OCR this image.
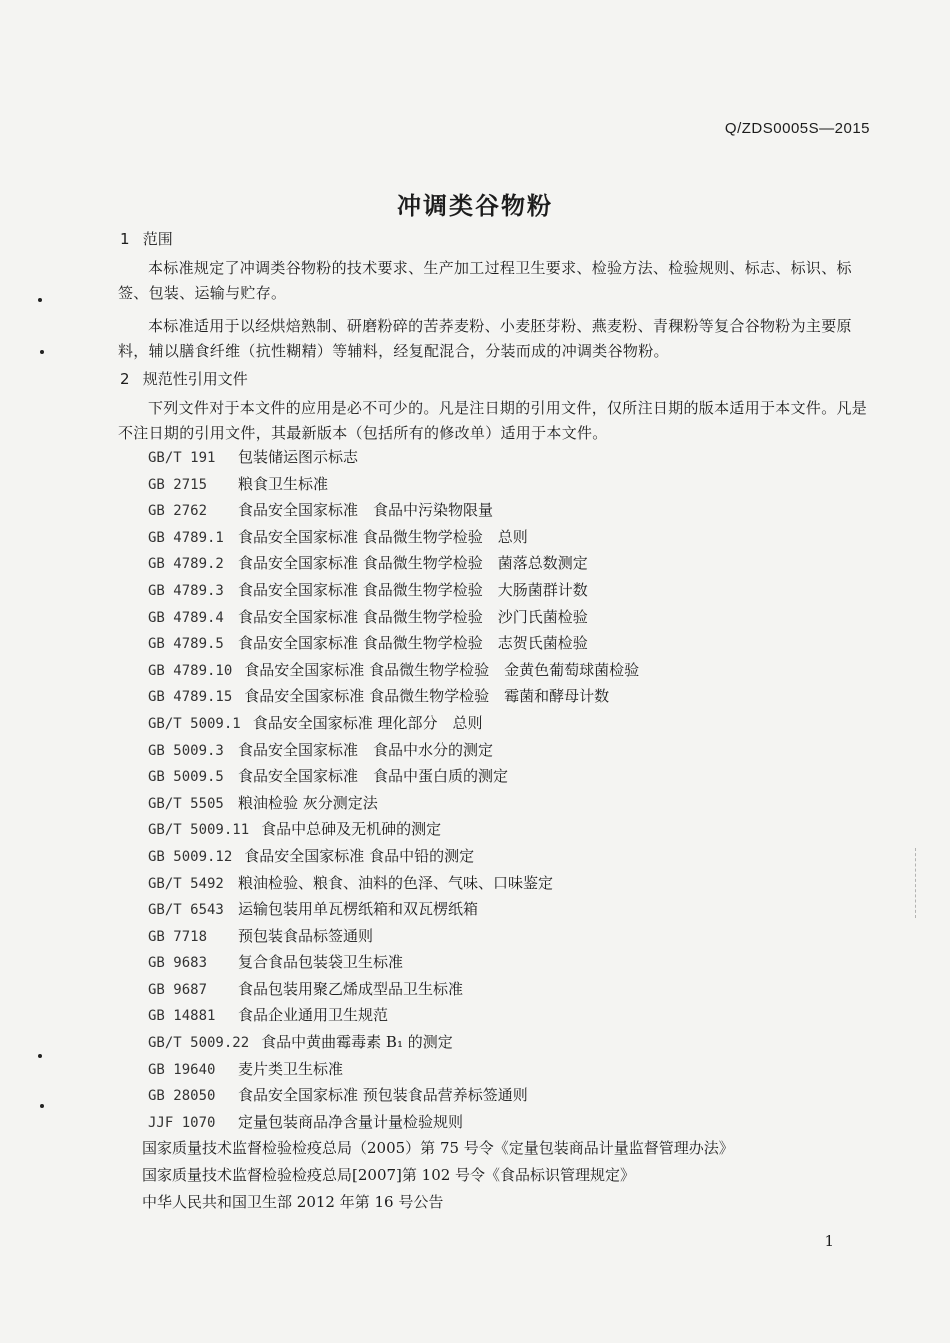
Q/ZDS0005S—2015
冲调类谷物粉
1 范围

本标准规定了冲调类谷物粉的技术要求、生产加工过程卫生要求、检验方法、检验规则、标志、标识、标签、包装、运输与贮存。

本标准适用于以经烘焙熟制、研磨粉碎的苦荞麦粉、小麦胚芽粉、燕麦粉、青稞粉等复合谷物粉为主要原料，辅以膳食纤维（抗性糊精）等辅料，经复配混合，分装而成的冲调类谷物粉。

2 规范性引用文件

下列文件对于本文件的应用是必不可少的。凡是注日期的引用文件，仅所注日期的版本适用于本文件。凡是不注日期的引用文件，其最新版本（包括所有的修改单）适用于本文件。

GB/T 191 包装储运图示标志
GB 2715 粮食卫生标准
GB 2762 食品安全国家标准　食品中污染物限量
GB 4789.1 食品安全国家标准 食品微生物学检验　总则
GB 4789.2 食品安全国家标准 食品微生物学检验　菌落总数测定
GB 4789.3 食品安全国家标准 食品微生物学检验　大肠菌群计数
GB 4789.4 食品安全国家标准 食品微生物学检验　沙门氏菌检验
GB 4789.5 食品安全国家标准 食品微生物学检验　志贺氏菌检验
GB 4789.10 食品安全国家标准 食品微生物学检验　金黄色葡萄球菌检验
GB 4789.15 食品安全国家标准 食品微生物学检验　霉菌和酵母计数
GB/T 5009.1 食品安全国家标准 理化部分　总则
GB 5009.3 食品安全国家标准　食品中水分的测定
GB 5009.5 食品安全国家标准　食品中蛋白质的测定
GB/T 5505 粮油检验 灰分测定法
GB/T 5009.11 食品中总砷及无机砷的测定
GB 5009.12 食品安全国家标准 食品中铅的测定
GB/T 5492 粮油检验、粮食、油料的色泽、气味、口味鉴定
GB/T 6543 运输包装用单瓦楞纸箱和双瓦楞纸箱
GB 7718 预包装食品标签通则
GB 9683 复合食品包装袋卫生标准
GB 9687 食品包装用聚乙烯成型品卫生标准
GB 14881 食品企业通用卫生规范
GB/T 5009.22 食品中黄曲霉毒素 B₁ 的测定
GB 19640 麦片类卫生标准
GB 28050 食品安全国家标准 预包装食品营养标签通则
JJF 1070 定量包装商品净含量计量检验规则
国家质量技术监督检验检疫总局（2005）第 75 号令《定量包装商品计量监督管理办法》
国家质量技术监督检验检疫总局[2007]第 102 号令《食品标识管理规定》
中华人民共和国卫生部 2012 年第 16 号公告
1
